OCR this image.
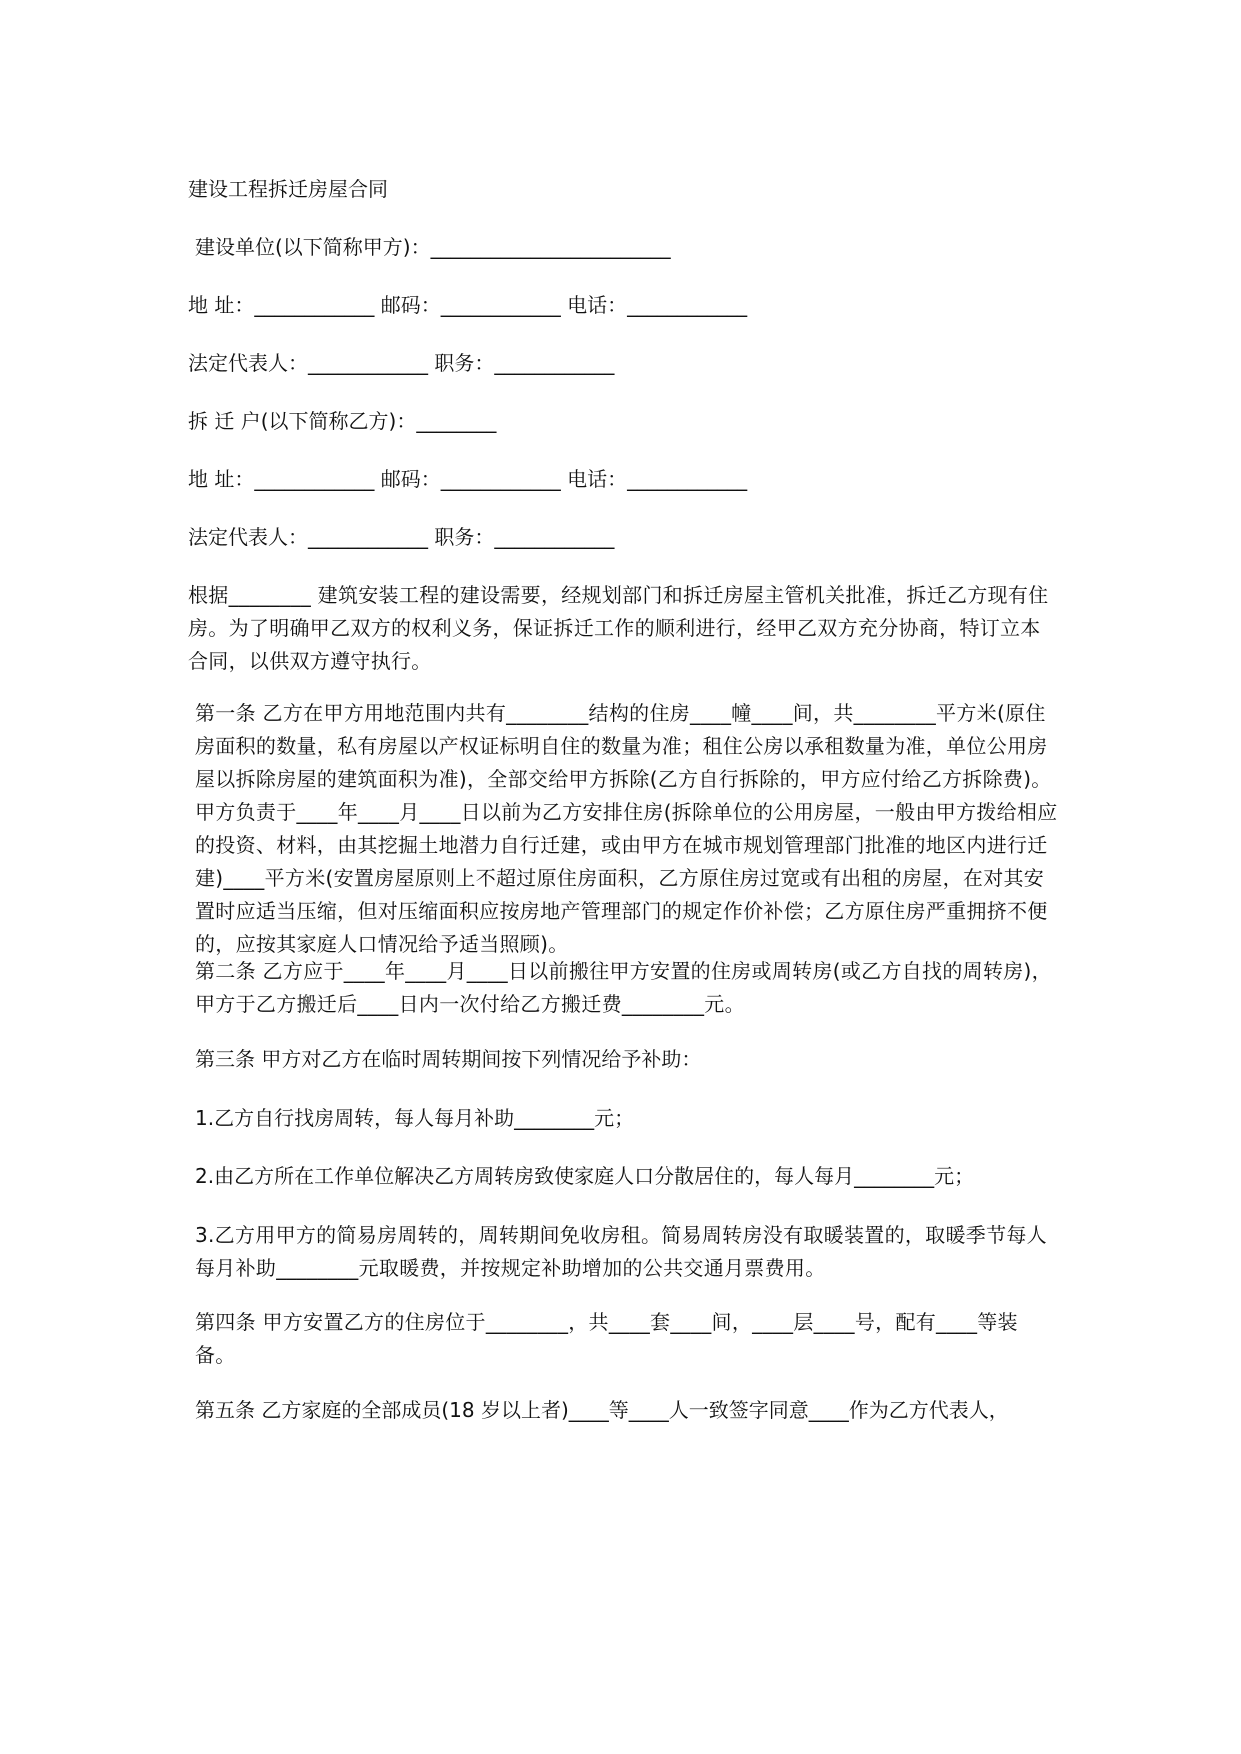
建设工程拆迁房屋合同
建设单位(以下简称甲方)：________________________
地 址：____________ 邮码：____________ 电话：____________
法定代表人：____________ 职务：____________
拆 迁 户(以下简称乙方)：________
地 址：____________ 邮码：____________ 电话：____________
法定代表人：____________ 职务：____________
根据________ 建筑安装工程的建设需要，经规划部门和拆迁房屋主管机关批准，拆迁乙方现有住房。为了明确甲乙双方的权利义务，保证拆迁工作的顺利进行，经甲乙双方充分协商，特订立本合同，以供双方遵守执行。
第一条 乙方在甲方用地范围内共有________结构的住房____幢____间，共________平方米(原住房面积的数量，私有房屋以产权证标明自住的数量为准；租住公房以承租数量为准，单位公用房屋以拆除房屋的建筑面积为准)，全部交给甲方拆除(乙方自行拆除的，甲方应付给乙方拆除费)。甲方负责于____年____月____日以前为乙方安排住房(拆除单位的公用房屋，一般由甲方拨给相应的投资、材料，由其挖掘土地潜力自行迁建，或由甲方在城市规划管理部门批准的地区内进行迁建)____平方米(安置房屋原则上不超过原住房面积，乙方原住房过宽或有出租的房屋，在对其安置时应适当压缩，但对压缩面积应按房地产管理部门的规定作价补偿；乙方原住房严重拥挤不便的，应按其家庭人口情况给予适当照顾)。
第二条 乙方应于____年____月____日以前搬往甲方安置的住房或周转房(或乙方自找的周转房)，甲方于乙方搬迁后____日内一次付给乙方搬迁费________元。
第三条 甲方对乙方在临时周转期间按下列情况给予补助：
1.乙方自行找房周转，每人每月补助________元；
2.由乙方所在工作单位解决乙方周转房致使家庭人口分散居住的，每人每月________元；
3.乙方用甲方的简易房周转的，周转期间免收房租。简易周转房没有取暖装置的，取暖季节每人每月补助________元取暖费，并按规定补助增加的公共交通月票费用。
第四条 甲方安置乙方的住房位于________，共____套____间，____层____号，配有____等装备。
第五条 乙方家庭的全部成员(18 岁以上者)____等____人一致签字同意____作为乙方代表人，
